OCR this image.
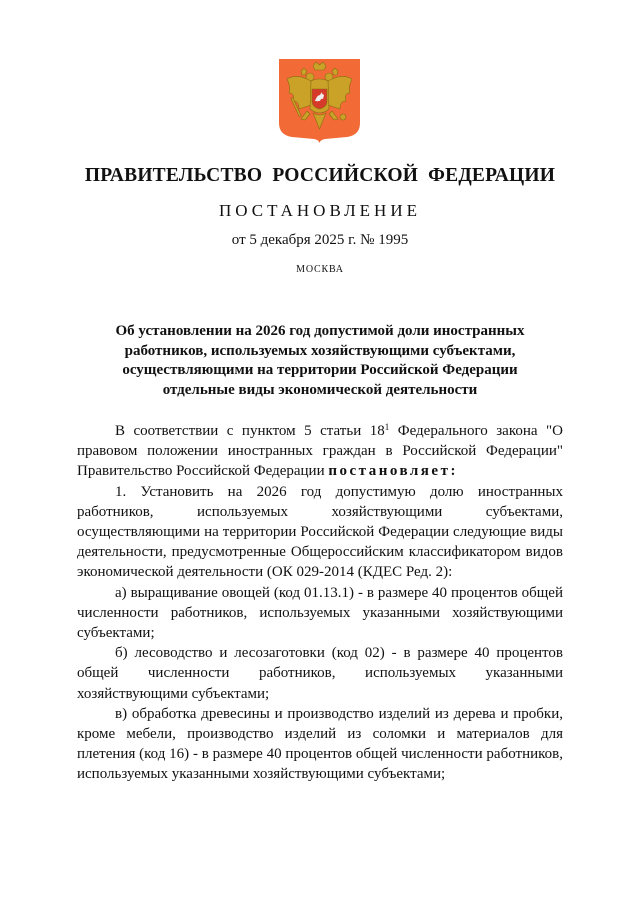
ПРАВИТЕЛЬСТВО РОССИЙСКОЙ ФЕДЕРАЦИИ
ПОСТАНОВЛЕНИЕ
от 5 декабря 2025 г. № 1995
МОСКВА
Об установлении на 2026 год допустимой доли иностранных
работников, используемых хозяйствующими субъектами,
осуществляющими на территории Российской Федерации
отдельные виды экономической деятельности

В соответствии с пунктом 5 статьи $18^1$ Федерального закона "О правовом положении иностранных граждан в Российской Федерации" Правительство Российской Федерации постановляет:

1. Установить на 2026 год допустимую долю иностранных работников, используемых хозяйствующими субъектами, осуществляющими на территории Российской Федерации следующие виды деятельности, предусмотренные Общероссийским классификатором видов экономической деятельности (ОК 029-2014 (КДЕС Ред. 2):

а) выращивание овощей (код 01.13.1) - в размере 40 процентов общей численности работников, используемых указанными хозяйствующими субъектами;

б) лесоводство и лесозаготовки (код 02) - в размере 40 процентов общей численности работников, используемых указанными хозяйствующими субъектами;

в) обработка древесины и производство изделий из дерева и пробки, кроме мебели, производство изделий из соломки и материалов для плетения (код 16) - в размере 40 процентов общей численности работников, используемых указанными хозяйствующими субъектами;
